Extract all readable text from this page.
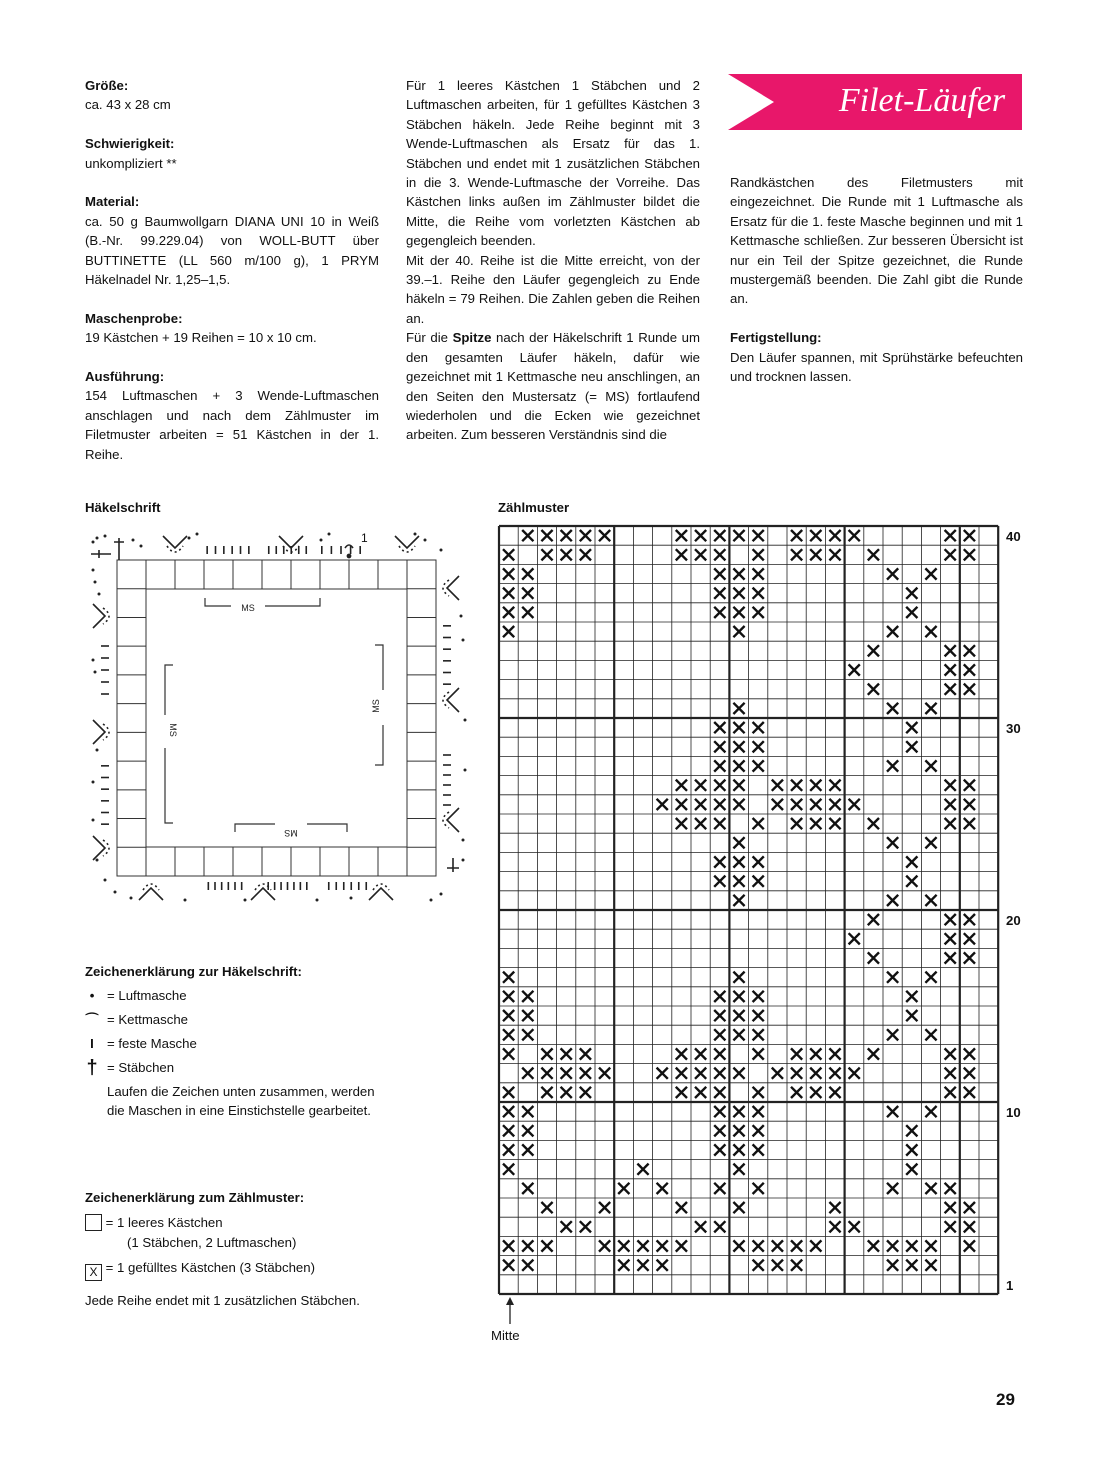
Filet-Läufer
Größe:
ca. 43 x 28 cm
Schwierigkeit:
unkompliziert **
Material:
ca. 50 g Baumwollgarn DIANA UNI 10 in Weiß (B.-Nr. 99.229.04) von WOLL-BUTT über BUTTINETTE (LL 560 m/100 g), 1 PRYM Häkelnadel Nr. 1,25–1,5.
Maschenprobe:
19 Kästchen + 19 Reihen = 10 x 10 cm.
Ausführung:
154 Luftmaschen + 3 Wende-Luftmaschen anschlagen und nach dem Zählmuster im Filetmuster arbeiten = 51 Kästchen in der 1. Reihe.
Für 1 leeres Kästchen 1 Stäbchen und 2 Luftmaschen arbeiten, für 1 gefülltes Kästchen 3 Stäbchen häkeln. Jede Reihe beginnt mit 3 Wende-Luftmaschen als Ersatz für das 1. Stäbchen und endet mit 1 zusätzlichen Stäbchen in die 3. Wende-Luftmasche der Vorreihe. Das Kästchen links außen im Zählmuster bildet die Mitte, die Reihe vom vorletzten Kästchen ab gegengleich beenden.
Mit der 40. Reihe ist die Mitte erreicht, von der 39.–1. Reihe den Läufer gegengleich zu Ende häkeln = 79 Reihen. Die Zahlen geben die Reihen an.
Für die Spitze nach der Häkelschrift 1 Runde um den gesamten Läufer häkeln, dafür wie gezeichnet mit 1 Kettmasche neu anschlingen, an den Seiten den Mustersatz (= MS) fortlaufend wiederholen und die Ecken wie gezeichnet arbeiten. Zum besseren Verständnis sind die
Randkästchen des Filetmusters mit eingezeichnet. Die Runde mit 1 Luftmasche als Ersatz für die 1. feste Masche beginnen und mit 1 Kettmasche schließen. Zur besseren Übersicht ist nur ein Teil der Spitze gezeichnet, die Runde mustergemäß beenden. Die Zahl gibt die Runde an.
Fertigstellung:
Den Läufer spannen, mit Sprühstärke befeuchten und trocknen lassen.
Häkelschrift	Zählmuster
MS
MS
MS
MS
1
Mitte
40
30
20
10
1
Zeichenerklärung zur Häkelschrift:
• = Luftmasche
⌒ = Kettmasche
I = feste Masche
† = Stäbchen
Laufen die Zeichen unten zusammen, werden die Maschen in eine Einstichstelle gearbeitet.
Zeichenerklärung zum Zählmuster:
= 1 leeres Kästchen
(1 Stäbchen, 2 Luftmaschen)
X = 1 gefülltes Kästchen (3 Stäbchen)
Jede Reihe endet mit 1 zusätzlichen Stäbchen.
29
